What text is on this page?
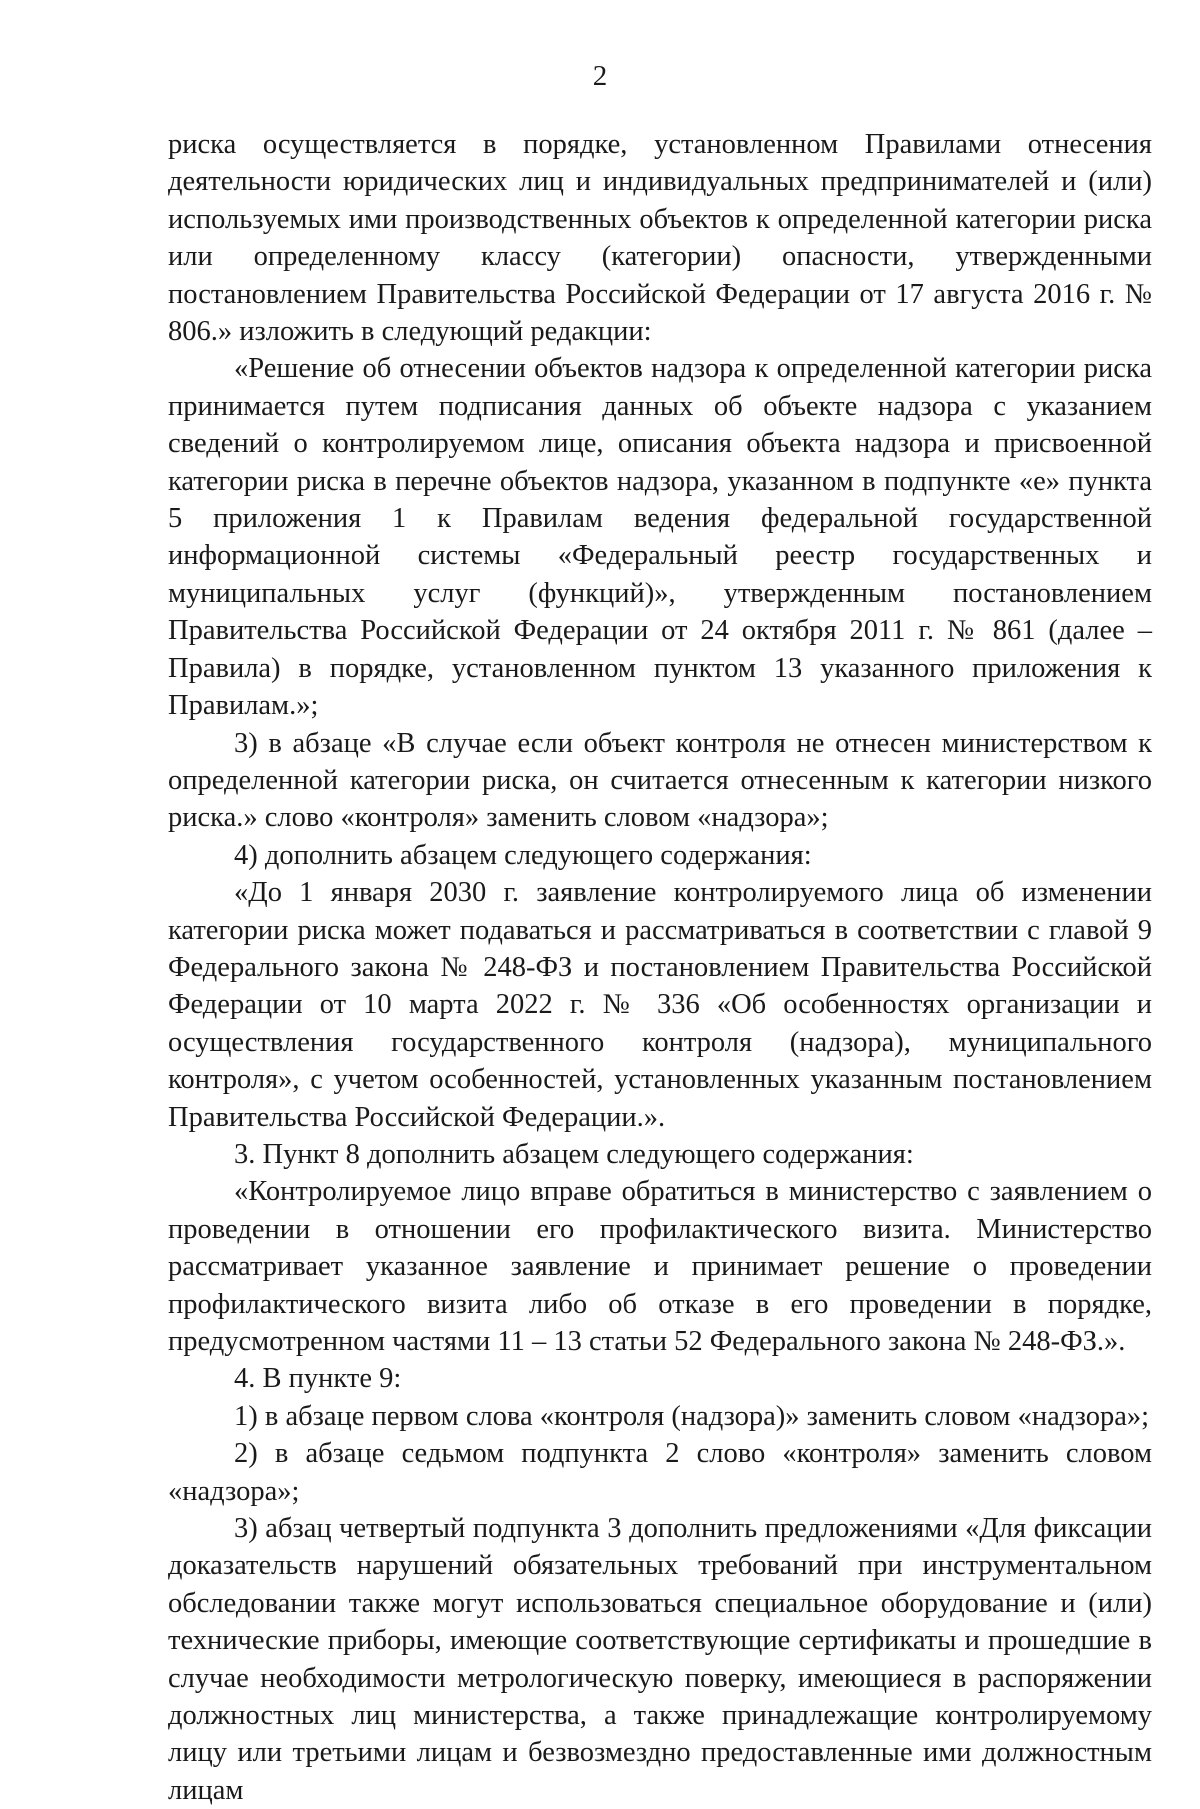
2

риска осуществляется в порядке, установленном Правилами отнесения деятельности юридических лиц и индивидуальных предпринимателей и (или) используемых ими производственных объектов к определенной категории риска или определенному классу (категории) опасности, утвержденными постановлением Правительства Российской Федерации от 17 августа 2016 г. № 806.» изложить в следующий редакции:

«Решение об отнесении объектов надзора к определенной категории риска принимается путем подписания данных об объекте надзора с указанием сведений о контролируемом лице, описания объекта надзора и присвоенной категории риска в перечне объектов надзора, указанном в подпункте «е» пункта 5 приложения 1 к Правилам ведения федеральной государственной информационной системы «Федеральный реестр государственных и муниципальных услуг (функций)», утвержденным постановлением Правительства Российской Федерации от 24 октября 2011 г. № 861 (далее – Правила) в порядке, установленном пунктом 13 указанного приложения к Правилам.»;

3) в абзаце «В случае если объект контроля не отнесен министерством к определенной категории риска, он считается отнесенным к категории низкого риска.» слово «контроля» заменить словом «надзора»;

4) дополнить абзацем следующего содержания:

«До 1 января 2030 г. заявление контролируемого лица об изменении категории риска может подаваться и рассматриваться в соответствии с главой 9 Федерального закона № 248-ФЗ и постановлением Правительства Российской Федерации от 10 марта 2022 г. № 336 «Об особенностях организации и осуществления государственного контроля (надзора), муниципального контроля», с учетом особенностей, установленных указанным постановлением Правительства Российской Федерации.».

3. Пункт 8 дополнить абзацем следующего содержания:

«Контролируемое лицо вправе обратиться в министерство с заявлением о проведении в отношении его профилактического визита. Министерство рассматривает указанное заявление и принимает решение о проведении профилактического визита либо об отказе в его проведении в порядке, предусмотренном частями 11 – 13 статьи 52 Федерального закона № 248-ФЗ.».

4. В пункте 9:

1) в абзаце первом слова «контроля (надзора)» заменить словом «надзора»;

2) в абзаце седьмом подпункта 2 слово «контроля» заменить словом «надзора»;

3) абзац четвертый подпункта 3 дополнить предложениями «Для фиксации доказательств нарушений обязательных требований при инструментальном обследовании также могут использоваться специальное оборудование и (или) технические приборы, имеющие соответствующие сертификаты и прошедшие в случае необходимости метрологическую поверку, имеющиеся в распоряжении должностных лиц министерства, а также принадлежащие контролируемому лицу или третьими лицам и безвозмездно предоставленные ими должностным лицам
